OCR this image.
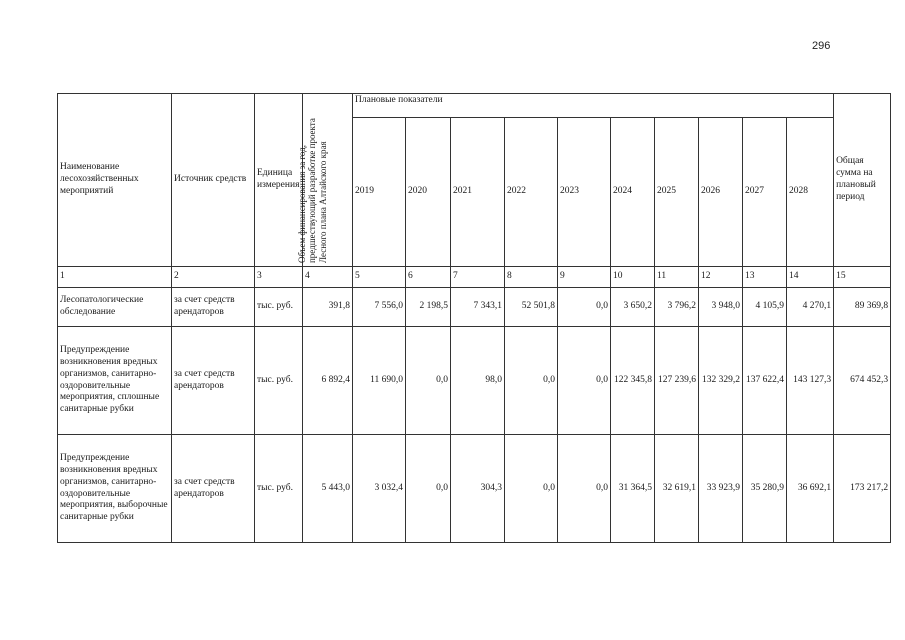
296
Наименование лесохозяйственных мероприятий	Источник средств	Единица измерения	Объем финансирования за год, предшествующий разработке проекта Лесного плана Алтайского края	Плановые показатели										Общая сумма на плановый период
				2019	2020	2021	2022	2023	2024	2025	2026	2027	2028	
1	2	3	4	5	6	7	8	9	10	11	12	13	14	15
Лесопатологические обследование	за счет средств арендаторов	тыс. руб.	391,8	7 556,0	2 198,5	7 343,1	52 501,8	0,0	3 650,2	3 796,2	3 948,0	4 105,9	4 270,1	89 369,8
Предупреждение возникновения вредных организмов, санитарно-оздоровительные мероприятия, сплошные санитарные рубки	за счет средств арендаторов	тыс. руб.	6 892,4	11 690,0	0,0	98,0	0,0	0,0	122 345,8	127 239,6	132 329,2	137 622,4	143 127,3	674 452,3
Предупреждение возникновения вредных организмов, санитарно-оздоровительные мероприятия, выборочные санитарные рубки	за счет средств арендаторов	тыс. руб.	5 443,0	3 032,4	0,0	304,3	0,0	0,0	31 364,5	32 619,1	33 923,9	35 280,9	36 692,1	173 217,2
